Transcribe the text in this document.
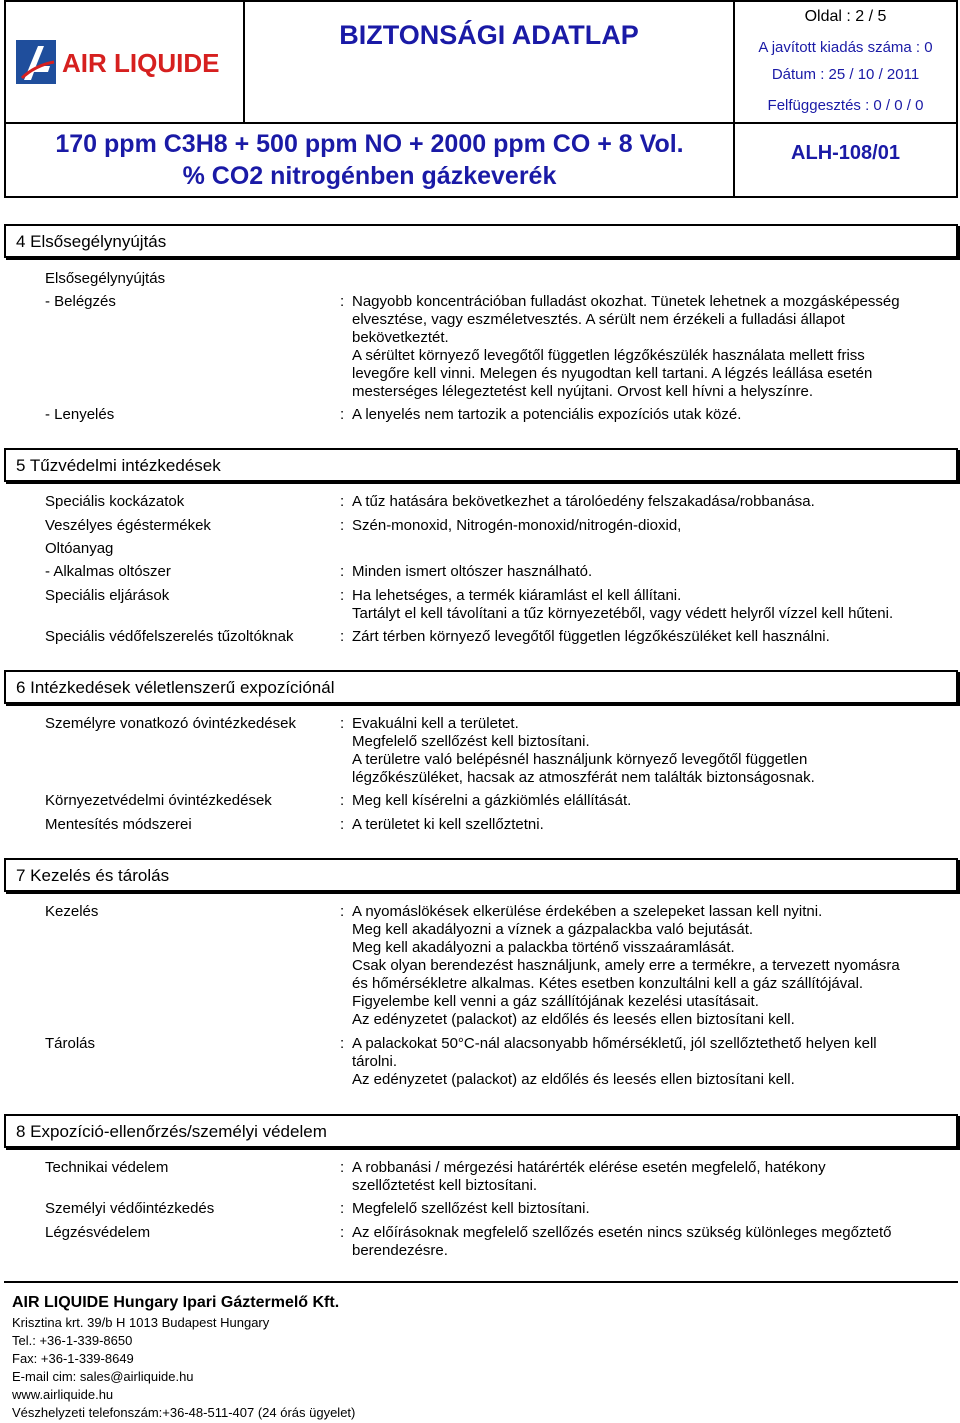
AIR LIQUIDE
BIZTONSÁGI ADATLAP
Oldal : 2 / 5
A javított kiadás száma : 0
Dátum : 25 / 10 / 2011
Felfüggesztés : 0 / 0 / 0
170 ppm C3H8 + 500 ppm NO + 2000 ppm CO + 8 Vol.
% CO2 nitrogénben gázkeverék
ALH-108/01
4 Elsősegélynyújtás
Elsősegélynyújtás
- Belégzés	: Nagyobb koncentrációban fulladást okozhat. Tünetek lehetnek a mozgásképesség
elvesztése, vagy eszméletvesztés. A sérült nem érzékeli a fulladási állapot
bekövetkeztét.
A sérültet környező levegőtől független légzőkészülék használata mellett friss
levegőre kell vinni. Melegen és nyugodtan kell tartani. A légzés leállása esetén
mesterséges lélegeztetést kell nyújtani. Orvost kell hívni a helyszínre.
- Lenyelés	: A lenyelés nem tartozik a potenciális expozíciós utak közé.
5 Tűzvédelmi intézkedések
Speciális kockázatok	: A tűz hatására bekövetkezhet a tárolóedény felszakadása/robbanása.
Veszélyes égéstermékek	: Szén-monoxid, Nitrogén-monoxid/nitrogén-dioxid,
Oltóanyag
- Alkalmas oltószer	: Minden ismert oltószer használható.
Speciális eljárások	: Ha lehetséges, a termék kiáramlást el kell állítani.
Tartályt el kell távolítani a tűz környezetéből, vagy védett helyről vízzel kell hűteni.
Speciális védőfelszerelés tűzoltóknak	: Zárt térben környező levegőtől független légzőkészüléket kell használni.
6 Intézkedések véletlenszerű expozíciónál
Személyre vonatkozó óvintézkedések	: Evakuálni kell a területet.
Megfelelő szellőzést kell biztosítani.
A területre való belépésnél használjunk környező levegőtől független
légzőkészüléket, hacsak az atmoszférát nem találták biztonságosnak.
Környezetvédelmi óvintézkedések	: Meg kell kísérelni a gázkiömlés elállítását.
Mentesítés módszerei	: A területet ki kell szellőztetni.
7 Kezelés és tárolás
Kezelés	: A nyomáslökések elkerülése érdekében a szelepeket lassan kell nyitni.
Meg kell akadályozni a víznek a gázpalackba való bejutását.
Meg kell akadályozni a palackba történő visszaáramlását.
Csak olyan berendezést használjunk, amely erre a termékre, a tervezett nyomásra
és hőmérsékletre alkalmas. Kétes esetben konzultálni kell a gáz szállítójával.
Figyelembe kell venni a gáz szállítójának kezelési utasításait.
Az edényzetet (palackot) az eldőlés és leesés ellen biztosítani kell.
Tárolás	: A palackokat 50°C-nál alacsonyabb hőmérsékletű, jól szellőztethető helyen kell
tárolni.
Az edényzetet (palackot) az eldőlés és leesés ellen biztosítani kell.
8 Expozíció-ellenőrzés/személyi védelem
Technikai védelem	: A robbanási / mérgezési határérték elérése esetén megfelelő, hatékony
szellőztetést kell biztosítani.
Személyi védőintézkedés	: Megfelelő szellőzést kell biztosítani.
Légzésvédelem	: Az előírásoknak megfelelő szellőzés esetén nincs szükség különleges megőztető
berendezésre.
AIR LIQUIDE Hungary Ipari Gáztermelő Kft.
Krisztina krt. 39/b H 1013 Budapest Hungary
Tel.: +36-1-339-8650
Fax: +36-1-339-8649
E-mail cim: sales@airliquide.hu
www.airliquide.hu
Vészhelyzeti telefonszám:+36-48-511-407 (24 órás ügyelet)
